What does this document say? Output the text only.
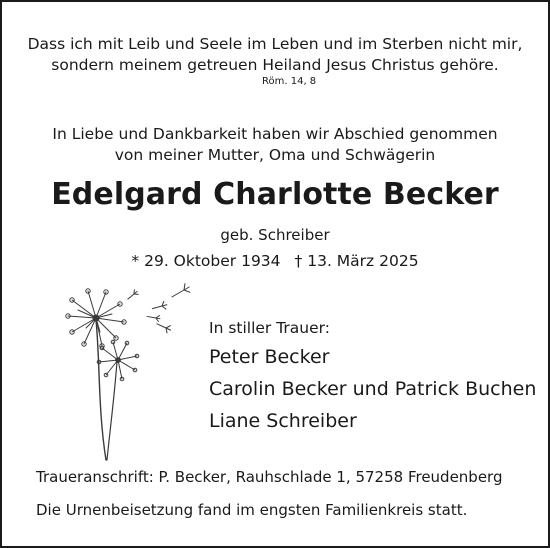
Dass ich mit Leib und Seele im Leben und im Sterben nicht mir,
sondern meinem getreuen Heiland Jesus Christus gehöre.
Röm. 14, 8
In Liebe und Dankbarkeit haben wir Abschied genommen
von meiner Mutter, Oma und Schwägerin
Edelgard Charlotte Becker
geb. Schreiber
* 29. Oktober 1934 † 13. März 2025
In stiller Trauer:
Peter Becker
Carolin Becker und Patrick Buchen
Liane Schreiber
Traueranschrift: P. Becker, Rauhschlade 1, 57258 Freudenberg
Die Urnenbeisetzung fand im engsten Familienkreis statt.
